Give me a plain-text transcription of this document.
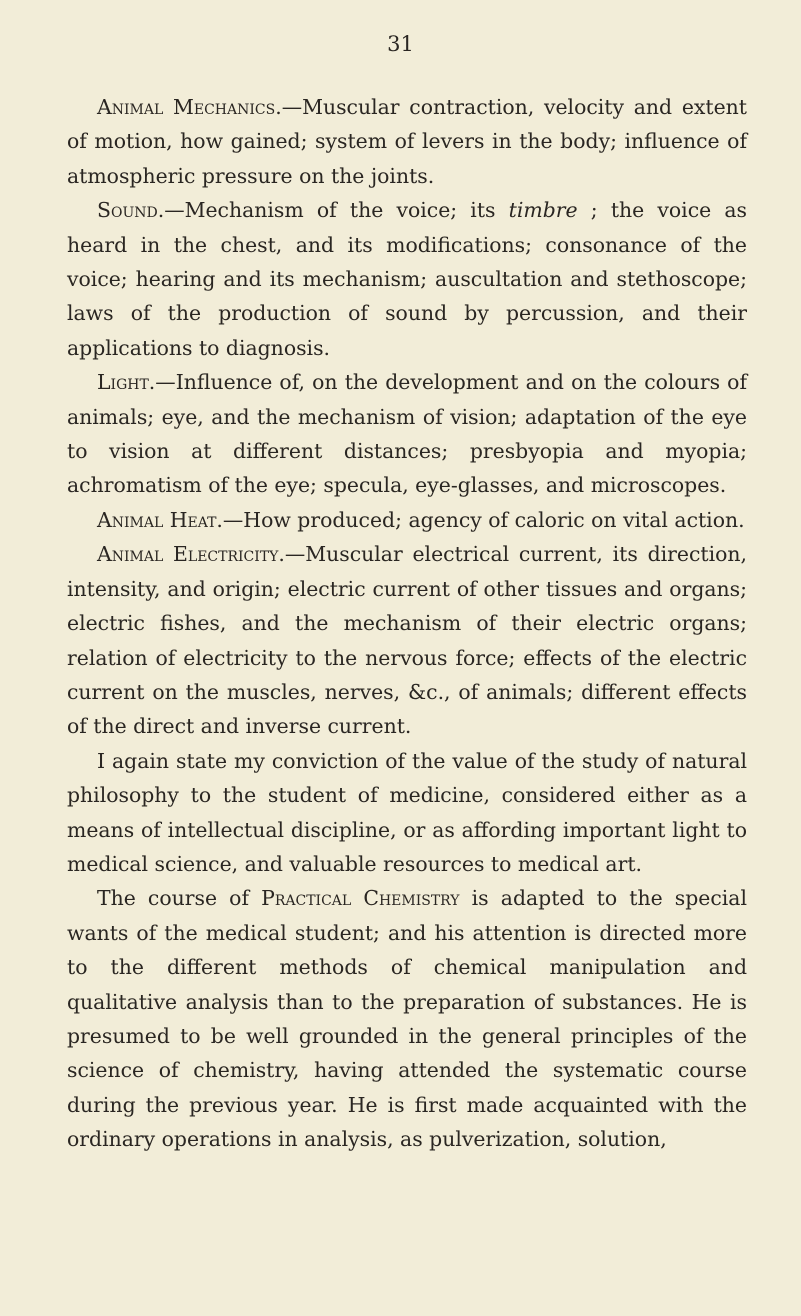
31

Animal Mechanics.—Muscular contraction, velocity and extent of motion, how gained; system of levers in the body; influence of atmospheric pressure on the joints.

Sound.—Mechanism of the voice; its timbre ; the voice as heard in the chest, and its modifications; consonance of the voice; hearing and its mechanism; auscultation and stethoscope; laws of the production of sound by percussion, and their applications to diagnosis.

Light.—Influence of, on the development and on the colours of animals; eye, and the mechanism of vision; adaptation of the eye to vision at different distances; presbyopia and myopia; achromatism of the eye; specula, eye-glasses, and microscopes.

Animal Heat.—How produced; agency of caloric on vital action.

Animal Electricity.—Muscular electrical current, its direction, intensity, and origin; electric current of other tissues and organs; electric fishes, and the mechanism of their electric organs; relation of electricity to the nervous force; effects of the electric current on the muscles, nerves, &c., of animals; different effects of the direct and inverse current.

I again state my conviction of the value of the study of natural philosophy to the student of medicine, considered either as a means of intellectual discipline, or as affording important light to medical science, and valuable resources to medical art.

The course of Practical Chemistry is adapted to the special wants of the medical student; and his attention is directed more to the different methods of chemical manipulation and qualitative analysis than to the preparation of substances. He is presumed to be well grounded in the general principles of the science of chemistry, having attended the systematic course during the previous year. He is first made acquainted with the ordinary operations in analysis, as pulverization, solution,
